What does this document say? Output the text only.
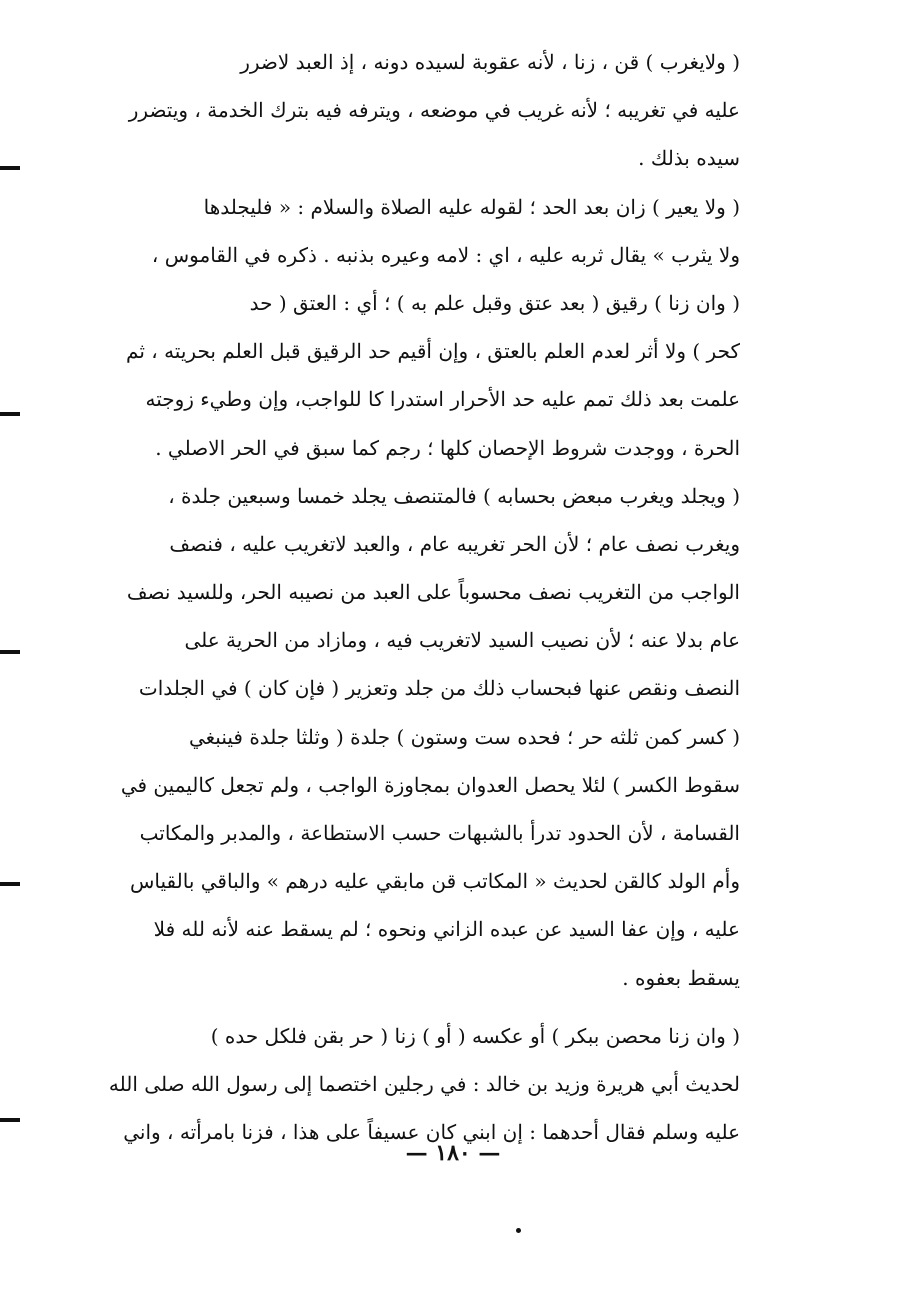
( ولايغرب ) قن ، زنا ، لأنه عقوبة لسيده دونه ، إذ العبد لاضرر
عليه في تغريبه ؛ لأنه غريب في موضعه ، ويترفه فيه بترك الخدمة ، ويتضرر
سيده بذلك .
( ولا يعير ) زان بعد الحد ؛ لقوله عليه الصلاة والسلام : « فليجلدها
ولا يثرب » يقال ثربه عليه ، اي : لامه وعيره بذنبه . ذكره في القاموس ،
( وان زنا ) رقيق ( بعد عتق وقبل علم به ) ؛ أي : العتق ( حد
كحر ) ولا أثر لعدم العلم بالعتق ، وإن أقيم حد الرقيق قبل العلم بحريته ، ثم
علمت بعد ذلك تمم عليه حد الأحرار استدرا كا للواجب، وإن وطيء زوجته
الحرة ، ووجدت شروط الإحصان كلها ؛ رجم كما سبق في الحر الاصلي .
( ويجلد ويغرب مبعض بحسابه ) فالمتنصف يجلد خمسا وسبعين جلدة ،
ويغرب نصف عام ؛ لأن الحر تغريبه عام ، والعبد لاتغريب عليه ، فنصف
الواجب من التغريب نصف محسوباً على العبد من نصيبه الحر، وللسيد نصف
عام بدلا عنه ؛ لأن نصيب السيد لاتغريب فيه ، ومازاد من الحرية على
النصف ونقص عنها فبحساب ذلك من جلد وتعزير ( فإن كان ) في الجلدات
( كسر كمن ثلثه حر ؛ فحده ست وستون ) جلدة ( وثلثا جلدة فينبغي
سقوط الكسر ) لئلا يحصل العدوان بمجاوزة الواجب ، ولم تجعل كاليمين في
القسامة ، لأن الحدود تدرأ بالشبهات حسب الاستطاعة ، والمدبر والمكاتب
وأم الولد كالقن لحديث « المكاتب قن مابقي عليه درهم » والباقي بالقياس
عليه ، وإن عفا السيد عن عبده الزاني ونحوه ؛ لم يسقط عنه لأنه لله فلا
يسقط بعفوه .
( وان زنا محصن ببكر ) أو عكسه ( أو ) زنا ( حر بقن فلكل حده )
لحديث أبي هريرة وزيد بن خالد : في رجلين اختصما إلى رسول الله صلى الله
عليه وسلم فقال أحدهما : إن ابني كان عسيفاً على هذا ، فزنا بامرأته ، واني
— ١٨٠ —
